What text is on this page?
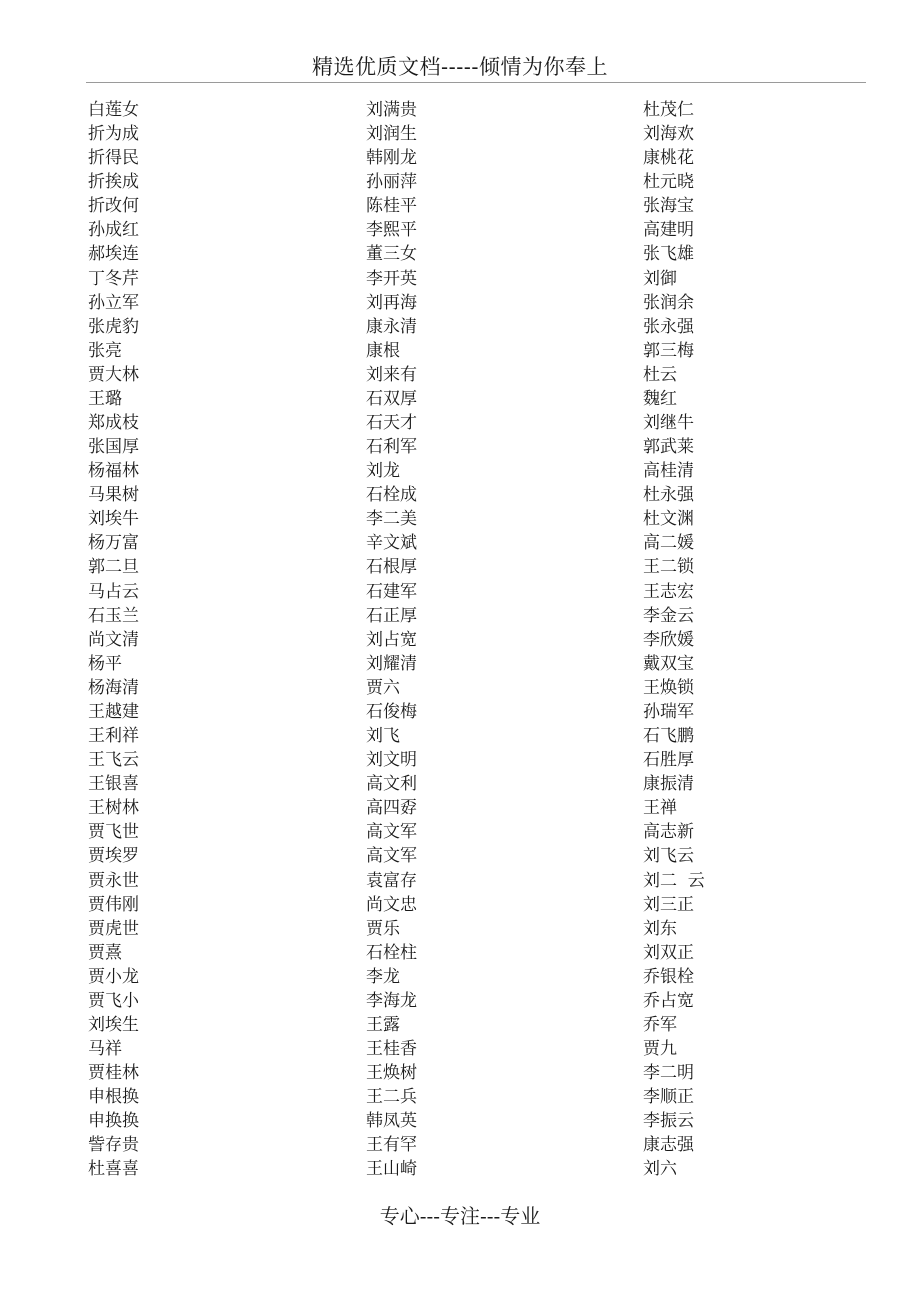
精选优质文档-----倾情为你奉上
白莲女	刘满贵	杜茂仁
折为成	刘润生	刘海欢
折得民	韩刚龙	康桃花
折挨成	孙丽萍	杜元晓
折改何	陈桂平	张海宝
孙成红	李熙平	高建明
郝埃连	董三女	张飞雄
丁冬芹	李开英	刘御
孙立军	刘再海	张润余
张虎豹	康永清	张永强
张亮	康根	郭三梅
贾大林	刘来有	杜云
王璐	石双厚	魏红
郑成枝	石天才	刘继牛
张国厚	石利军	郭武莱
杨福林	刘龙	高桂清
马果树	石栓成	杜永强
刘埃牛	李二美	杜文渊
杨万富	辛文斌	高二媛
郭二旦	石根厚	王二锁
马占云	石建军	王志宏
石玉兰	石正厚	李金云
尚文清	刘占宽	李欣媛
杨平	刘耀清	戴双宝
杨海清	贾六	王焕锁
王越建	石俊梅	孙瑞军
王利祥	刘飞	石飞鹏
王飞云	刘文明	石胜厚
王银喜	高文利	康振清
王树林	高四孬	王禅
贾飞世	高文军	高志新
贾埃罗	高文军	刘飞云
贾永世	袁富存	刘二  云
贾伟刚	尚文忠	刘三正
贾虎世	贾乐	刘东
贾熹	石栓柱	刘双正
贾小龙	李龙	乔银栓
贾飞小	李海龙	乔占宽
刘埃生	王露	乔军
马祥	王桂香	贾九
贾桂林	王焕树	李二明
申根换	王二兵	李顺正
申换换	韩凤英	李振云
訾存贵	王有罕	康志强
杜喜喜	王山崎	刘六
专心---专注---专业
